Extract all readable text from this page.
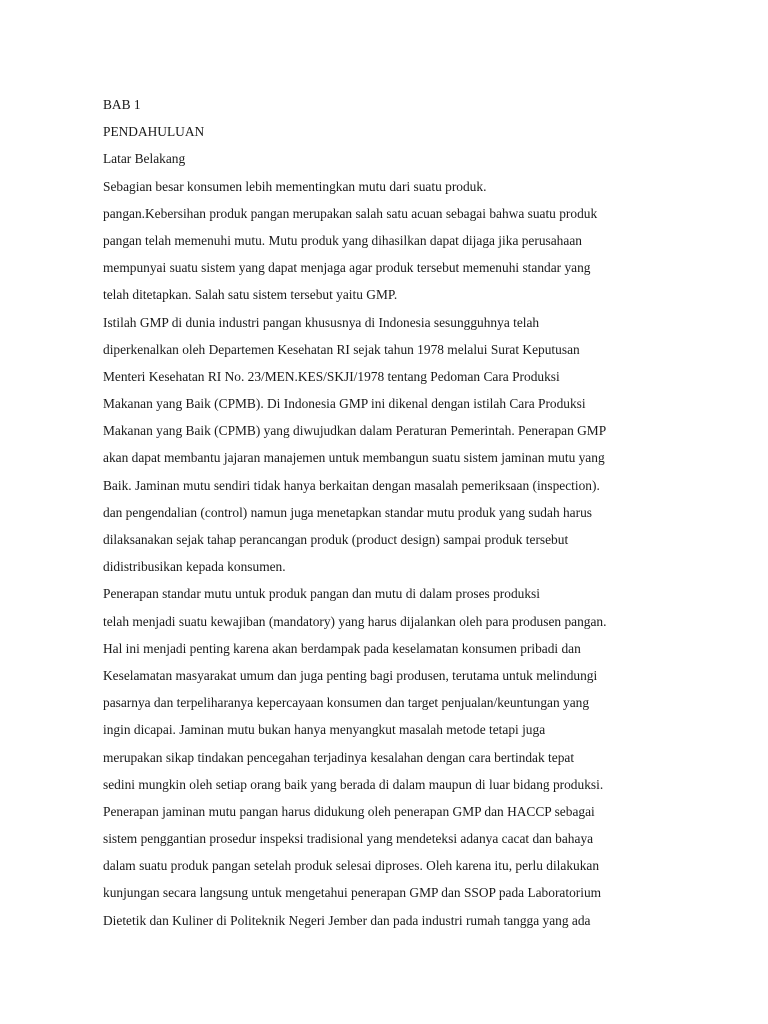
BAB 1
PENDAHULUAN
Latar Belakang
Sebagian besar konsumen lebih mementingkan mutu dari suatu produk.
pangan.Kebersihan produk pangan merupakan salah satu acuan sebagai bahwa suatu produk
pangan telah memenuhi mutu. Mutu produk yang dihasilkan dapat dijaga jika perusahaan
mempunyai suatu sistem yang dapat menjaga agar produk tersebut memenuhi standar yang
telah ditetapkan. Salah satu sistem tersebut yaitu GMP.
Istilah GMP di dunia industri pangan khususnya di Indonesia sesungguhnya telah
diperkenalkan oleh Departemen Kesehatan RI sejak tahun 1978 melalui Surat Keputusan
Menteri Kesehatan RI No. 23/MEN.KES/SKJI/1978 tentang Pedoman Cara Produksi
Makanan yang Baik (CPMB). Di Indonesia GMP ini dikenal dengan istilah Cara Produksi
Makanan yang Baik (CPMB) yang diwujudkan dalam Peraturan Pemerintah. Penerapan GMP
akan dapat membantu jajaran manajemen untuk membangun suatu sistem jaminan mutu yang
Baik. Jaminan mutu sendiri tidak hanya berkaitan dengan masalah pemeriksaan (inspection).
dan pengendalian (control) namun juga menetapkan standar mutu produk yang sudah harus
dilaksanakan sejak tahap perancangan produk (product design) sampai produk tersebut
didistribusikan kepada konsumen.
Penerapan standar mutu untuk produk pangan dan mutu di dalam proses produksi
telah menjadi suatu kewajiban (mandatory) yang harus dijalankan oleh para produsen pangan.
Hal ini menjadi penting karena akan berdampak pada keselamatan konsumen pribadi dan
Keselamatan masyarakat umum dan juga penting bagi produsen, terutama untuk melindungi
pasarnya dan terpeliharanya kepercayaan konsumen dan target penjualan/keuntungan yang
ingin dicapai. Jaminan mutu bukan hanya menyangkut masalah metode tetapi juga
merupakan sikap tindakan pencegahan terjadinya kesalahan dengan cara bertindak tepat
sedini mungkin oleh setiap orang baik yang berada di dalam maupun di luar bidang produksi.
Penerapan jaminan mutu pangan harus didukung oleh penerapan GMP dan HACCP sebagai
sistem penggantian prosedur inspeksi tradisional yang mendeteksi adanya cacat dan bahaya
dalam suatu produk pangan setelah produk selesai diproses. Oleh karena itu, perlu dilakukan
kunjungan secara langsung untuk mengetahui penerapan GMP dan SSOP pada Laboratorium
Dietetik dan Kuliner di Politeknik Negeri Jember dan pada industri rumah tangga yang ada
